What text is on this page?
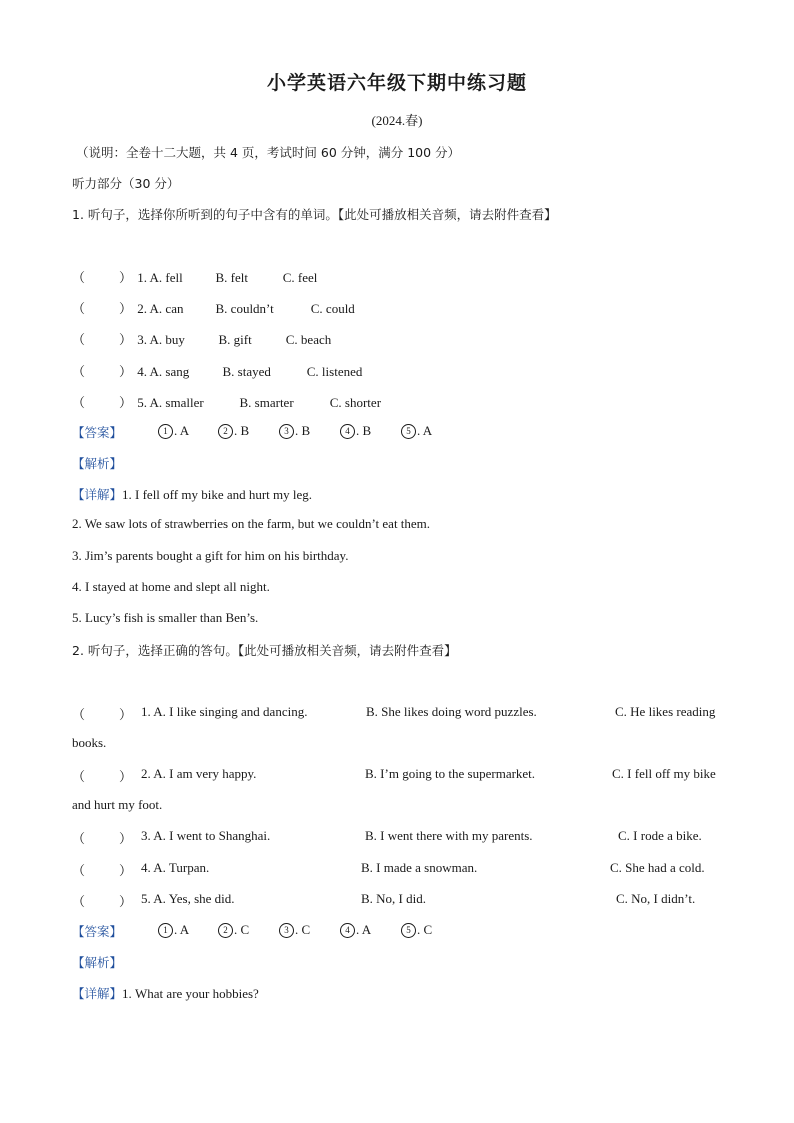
小学英语六年级下期中练习题
(2024.春)
（说明：全卷十二大题，共 4 页，考试时间 60 分钟，满分 100 分）
听力部分（30 分）
1. 听句子，选择你所听到的句子中含有的单词。【此处可播放相关音频，请去附件查看】
（	） 1. A. fell	B. felt	C. feel
（	） 2. A. can B. couldn’t	C. could
（	） 3. A. buy	B. gift	C. beach
（	） 4. A. sang	B. stayed	C. listened
（	） 5. A. smaller	B. smarter	C. shorter
【答案】	1 . A	2 . B	3 . B	4 . B	5 . A
【解析】
【详解】1. I fell off my bike and hurt my leg.
2. We saw lots of strawberries on the farm, but we couldn’t eat them.
3. Jim’s parents bought a gift for him on his birthday.
4. I stayed at home and slept all night.
5. Lucy’s fish is smaller than Ben’s.
2. 听句子，选择正确的答句。【此处可播放相关音频，请去附件查看】
（	） 1. A. I like singing and dancing.	B. She likes doing word puzzles.	C. He likes reading
books.
（	） 2. A. I am very happy.	B. I’m going to the supermarket.	C. I fell off my bike
and hurt my foot.
（	） 3. A. I went to Shanghai.	B. I went there with my parents.	C. I rode a bike.
（	） 4. A. Turpan.	B. I made a snowman.	C. She had a cold.
（	） 5. A. Yes, she did.	B. No, I did.	C. No, I didn’t.
【答案】	1 . A	2 . C	3 . C	4 . A	5 . C
【解析】
【详解】1. What are your hobbies?
